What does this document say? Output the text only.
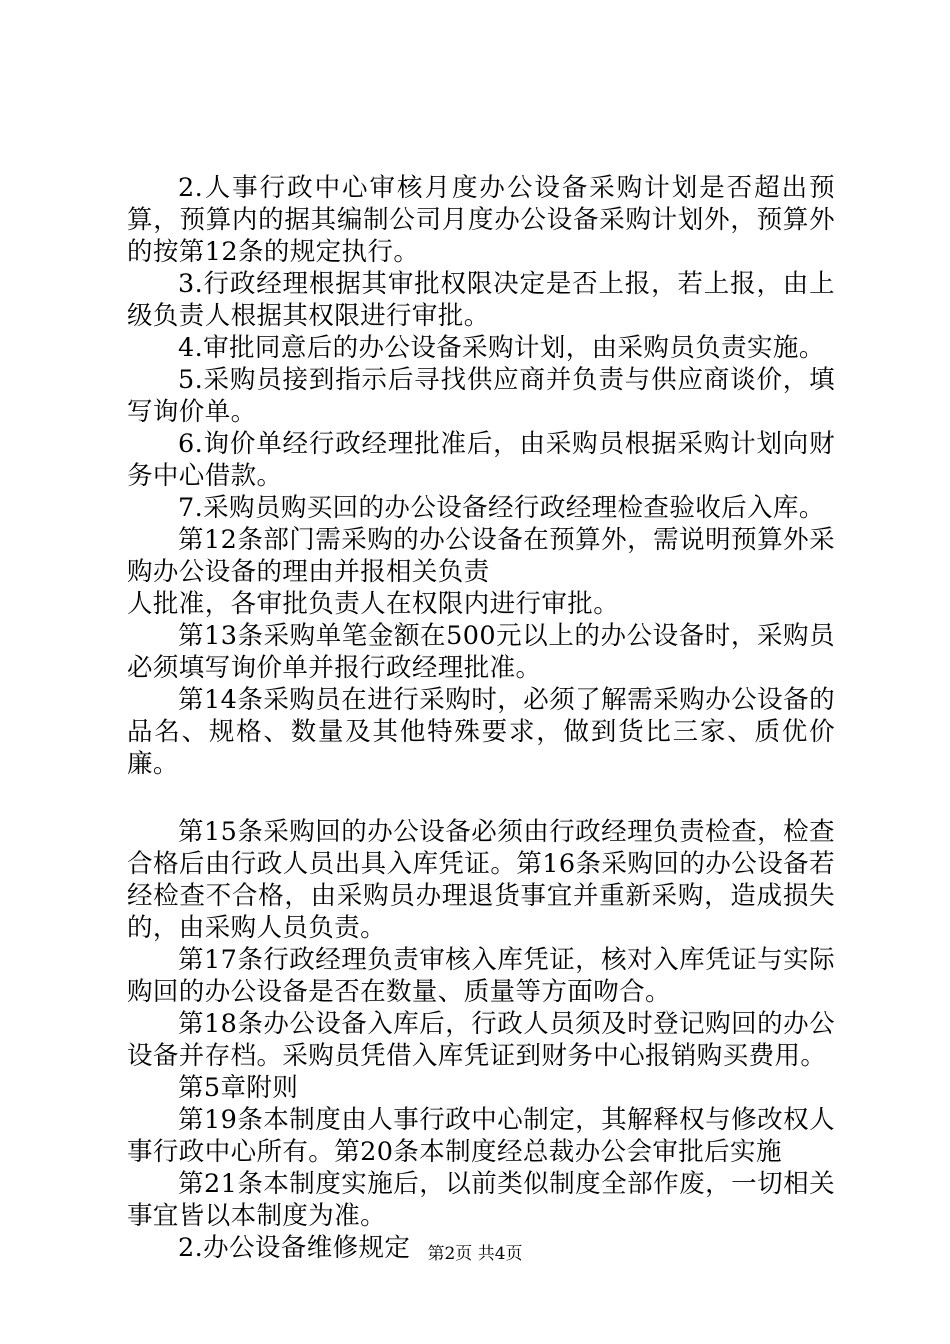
2.人事行政中心审核月度办公设备采购计划是否超出预算，预算内的据其编制公司月度办公设备采购计划外，预算外的按第12条的规定执行。

3.行政经理根据其审批权限决定是否上报，若上报，由上级负责人根据其权限进行审批。

4.审批同意后的办公设备采购计划，由采购员负责实施。

5.采购员接到指示后寻找供应商并负责与供应商谈价，填写询价单。

6.询价单经行政经理批准后，由采购员根据采购计划向财务中心借款。

7.采购员购买回的办公设备经行政经理检查验收后入库。

第12条部门需采购的办公设备在预算外，需说明预算外采购办公设备的理由并报相关负责

人批准，各审批负责人在权限内进行审批。

第13条采购单笔金额在500元以上的办公设备时，采购员必须填写询价单并报行政经理批准。

第14条采购员在进行采购时，必须了解需采购办公设备的品名、规格、数量及其他特殊要求，做到货比三家、质优价廉。

第15条采购回的办公设备必须由行政经理负责检查，检查合格后由行政人员出具入库凭证。第16条采购回的办公设备若经检查不合格，由采购员办理退货事宜并重新采购，造成损失的，由采购人员负责。

第17条行政经理负责审核入库凭证，核对入库凭证与实际购回的办公设备是否在数量、质量等方面吻合。

第18条办公设备入库后，行政人员须及时登记购回的办公设备并存档。采购员凭借入库凭证到财务中心报销购买费用。

第5章附则

第19条本制度由人事行政中心制定，其解释权与修改权人事行政中心所有。第20条本制度经总裁办公会审批后实施

第21条本制度实施后，以前类似制度全部作废，一切相关事宜皆以本制度为准。

2.办公设备维修规定	第2页 共4页
